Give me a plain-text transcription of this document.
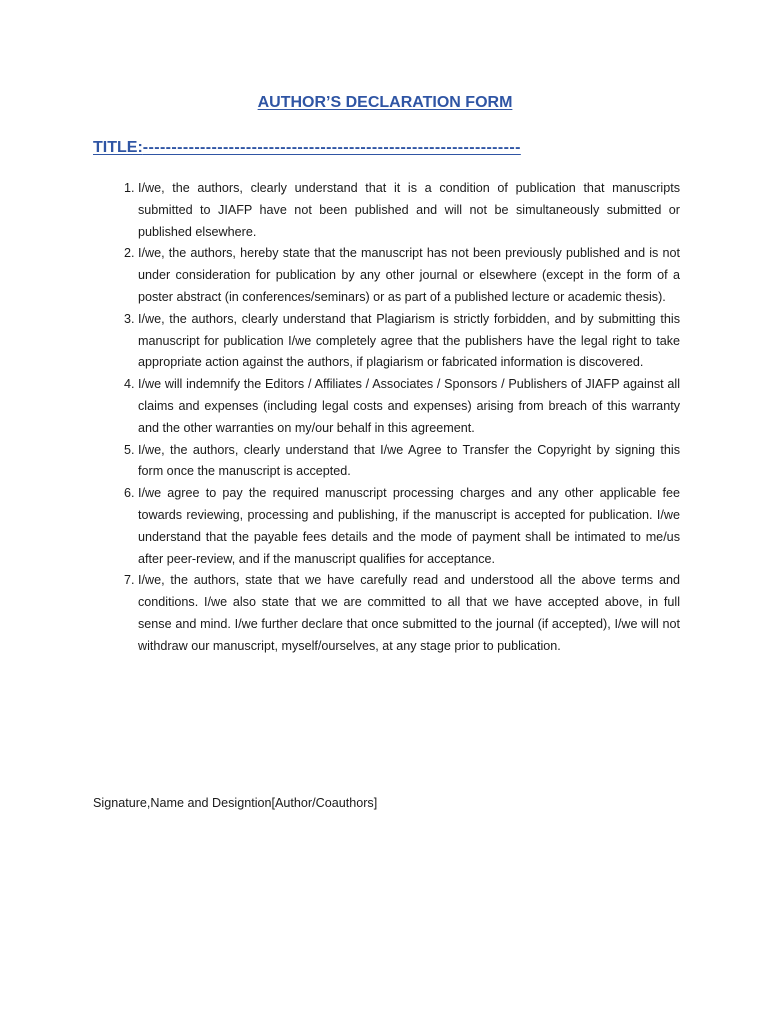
AUTHOR’S DECLARATION FORM
TITLE:------------------------------------------------------------------
1. I/we, the authors, clearly understand that it is a condition of publication that manuscripts submitted to JIAFP have not been published and will not be simultaneously submitted or published elsewhere.
2. I/we, the authors, hereby state that the manuscript has not been previously published and is not under consideration for publication by any other journal or elsewhere (except in the form of a poster abstract (in conferences/seminars) or as part of a published lecture or academic thesis).
3. I/we, the authors, clearly understand that Plagiarism is strictly forbidden, and by submitting this manuscript for publication I/we completely agree that the publishers have the legal right to take appropriate action against the authors, if plagiarism or fabricated information is discovered.
4. I/we will indemnify the Editors / Affiliates / Associates / Sponsors / Publishers of JIAFP against all claims and expenses (including legal costs and expenses) arising from breach of this warranty and the other warranties on my/our behalf in this agreement.
5. I/we, the authors, clearly understand that I/we Agree to Transfer the Copyright by signing this form once the manuscript is accepted.
6. I/we agree to pay the required manuscript processing charges and any other applicable fee towards reviewing, processing and publishing, if the manuscript is accepted for publication. I/we understand that the payable fees details and the mode of payment shall be intimated to me/us after peer-review, and if the manuscript qualifies for acceptance.
7. I/we, the authors, state that we have carefully read and understood all the above terms and conditions. I/we also state that we are committed to all that we have accepted above, in full sense and mind. I/we further declare that once submitted to the journal (if accepted), I/we will not withdraw our manuscript, myself/ourselves, at any stage prior to publication.
Signature,Name and Designtion[Author/Coauthors]
